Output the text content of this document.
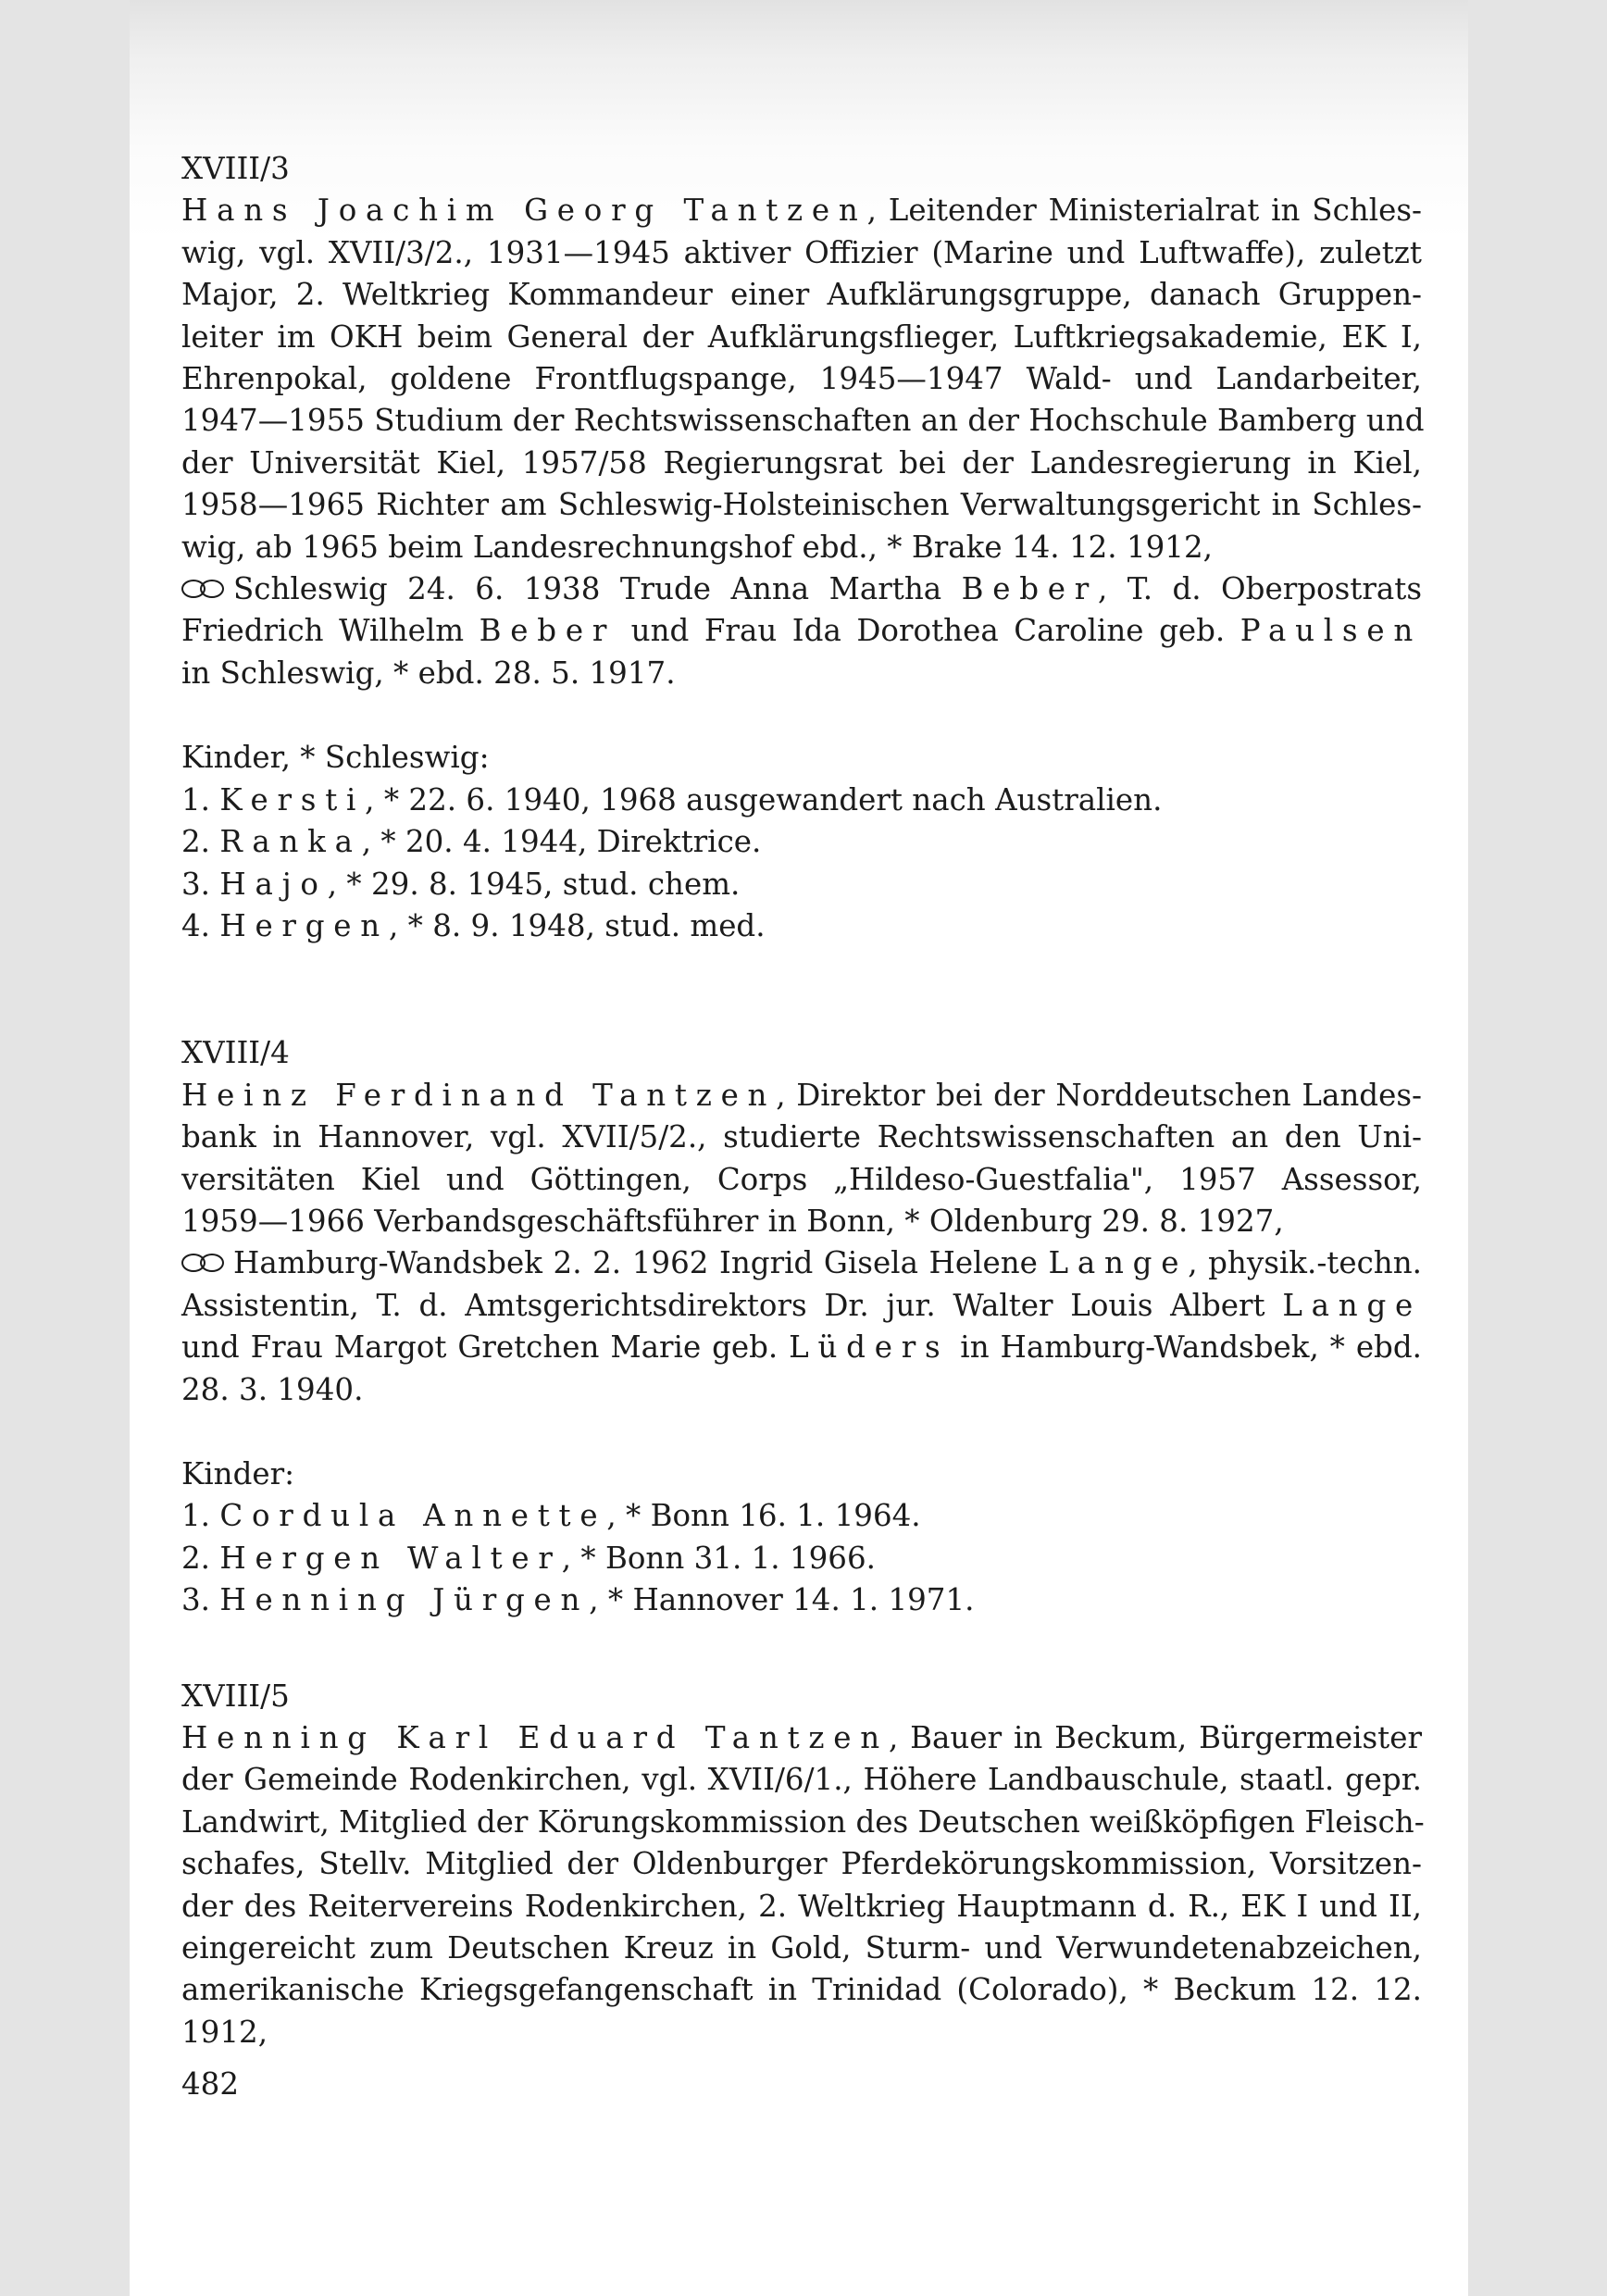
XVIII/3
Hans Joachim Georg Tantzen, Leitender Ministerialrat in Schles-
wig, vgl. XVII/3/2., 1931—1945 aktiver Offizier (Marine und Luftwaffe), zuletzt
Major, 2. Weltkrieg Kommandeur einer Aufklärungsgruppe, danach Gruppen-
leiter im OKH beim General der Aufklärungsflieger, Luftkriegsakademie, EK I,
Ehrenpokal, goldene Frontflugspange, 1945—1947 Wald- und Landarbeiter,
1947—1955 Studium der Rechtswissenschaften an der Hochschule Bamberg und
der Universität Kiel, 1957/58 Regierungsrat bei der Landesregierung in Kiel,
1958—1965 Richter am Schleswig-Holsteinischen Verwaltungsgericht in Schles-
wig, ab 1965 beim Landesrechnungshof ebd., * Brake 14. 12. 1912,
Schleswig 24. 6. 1938 Trude Anna Martha Beber, T. d. Oberpostrats
Friedrich Wilhelm Beber und Frau Ida Dorothea Caroline geb. Paulsen
in Schleswig, * ebd. 28. 5. 1917.
Kinder, * Schleswig:
1. Kersti, * 22. 6. 1940, 1968 ausgewandert nach Australien.
2. Ranka, * 20. 4. 1944, Direktrice.
3. Hajo, * 29. 8. 1945, stud. chem.
4. Hergen, * 8. 9. 1948, stud. med.
XVIII/4
Heinz Ferdinand Tantzen, Direktor bei der Norddeutschen Landes-
bank in Hannover, vgl. XVII/5/2., studierte Rechtswissenschaften an den Uni-
versitäten Kiel und Göttingen, Corps „Hildeso-Guestfalia", 1957 Assessor,
1959—1966 Verbandsgeschäftsführer in Bonn, * Oldenburg 29. 8. 1927,
Hamburg-Wandsbek 2. 2. 1962 Ingrid Gisela Helene Lange, physik.-techn.
Assistentin, T. d. Amtsgerichtsdirektors Dr. jur. Walter Louis Albert Lange
und Frau Margot Gretchen Marie geb. Lüders in Hamburg-Wandsbek, * ebd.
28. 3. 1940.
Kinder:
1. Cordula Annette, * Bonn 16. 1. 1964.
2. Hergen Walter, * Bonn 31. 1. 1966.
3. Henning Jürgen, * Hannover 14. 1. 1971.
XVIII/5
Henning Karl Eduard Tantzen, Bauer in Beckum, Bürgermeister
der Gemeinde Rodenkirchen, vgl. XVII/6/1., Höhere Landbauschule, staatl. gepr.
Landwirt, Mitglied der Körungskommission des Deutschen weißköpfigen Fleisch-
schafes, Stellv. Mitglied der Oldenburger Pferdekörungskommission, Vorsitzen-
der des Reitervereins Rodenkirchen, 2. Weltkrieg Hauptmann d. R., EK I und II,
eingereicht zum Deutschen Kreuz in Gold, Sturm- und Verwundetenabzeichen,
amerikanische Kriegsgefangenschaft in Trinidad (Colorado), * Beckum 12. 12.
1912,
482
